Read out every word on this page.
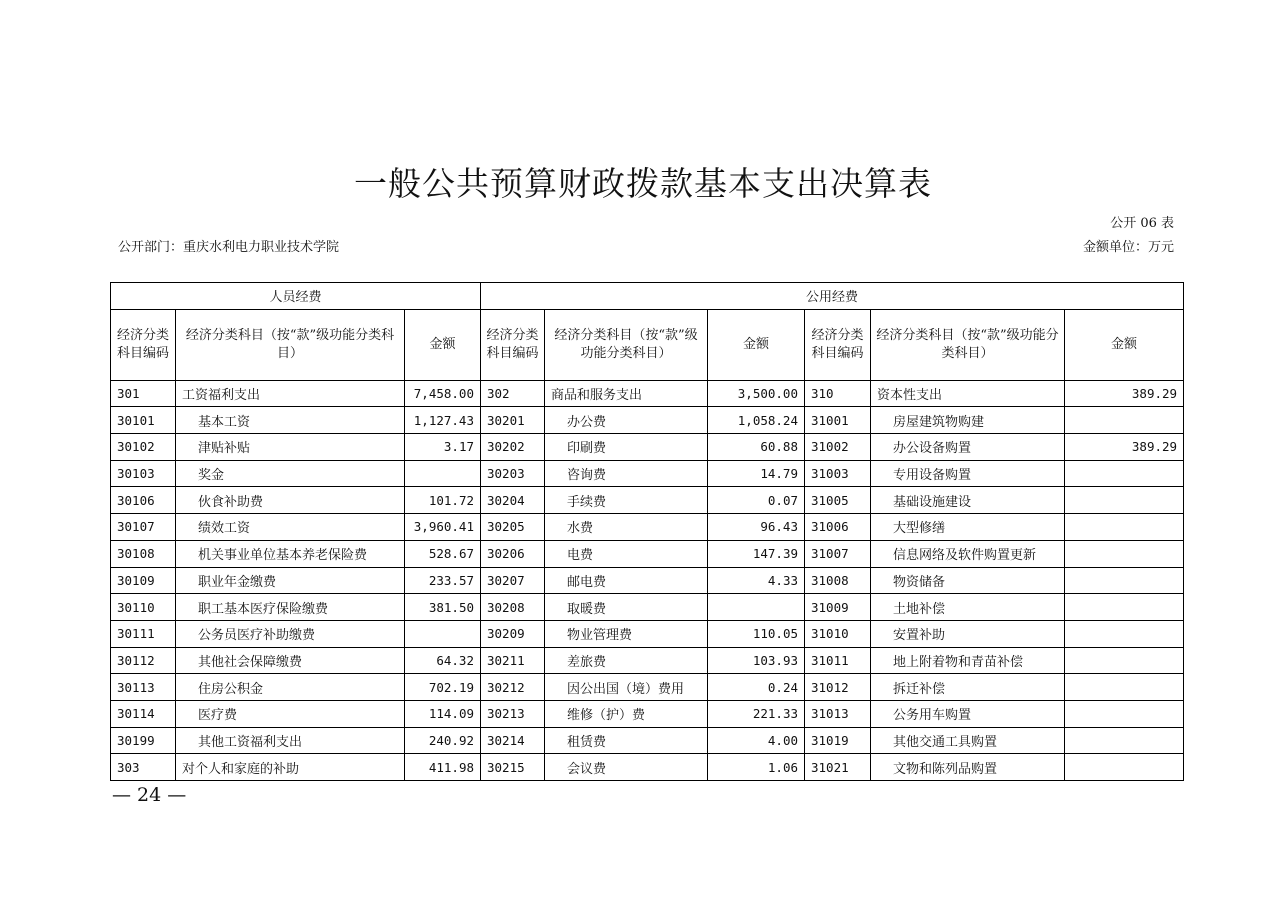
一般公共预算财政拨款基本支出决算表
公开 06 表
公开部门：重庆水利电力职业技术学院	金额单位：万元
人员经费			公用经费					
经济分类科目编码	经济分类科目（按“款”级功能分类科目）	金额	经济分类科目编码	经济分类科目（按“款”级功能分类科目）	金额	经济分类科目编码	经济分类科目（按“款”级功能分类科目）	金额
301	工资福利支出	7,458.00	302	商品和服务支出	3,500.00	310	资本性支出	389.29
30101	基本工资	1,127.43	30201	办公费	1,058.24	31001	房屋建筑物购建	
30102	津贴补贴	3.17	30202	印刷费	60.88	31002	办公设备购置	389.29
30103	奖金		30203	咨询费	14.79	31003	专用设备购置	
30106	伙食补助费	101.72	30204	手续费	0.07	31005	基础设施建设	
30107	绩效工资	3,960.41	30205	水费	96.43	31006	大型修缮	
30108	机关事业单位基本养老保险费	528.67	30206	电费	147.39	31007	信息网络及软件购置更新	
30109	职业年金缴费	233.57	30207	邮电费	4.33	31008	物资储备	
30110	职工基本医疗保险缴费	381.50	30208	取暖费		31009	土地补偿	
30111	公务员医疗补助缴费		30209	物业管理费	110.05	31010	安置补助	
30112	其他社会保障缴费	64.32	30211	差旅费	103.93	31011	地上附着物和青苗补偿	
30113	住房公积金	702.19	30212	因公出国（境）费用	0.24	31012	拆迁补偿	
30114	医疗费	114.09	30213	维修（护）费	221.33	31013	公务用车购置	
30199	其他工资福利支出	240.92	30214	租赁费	4.00	31019	其他交通工具购置	
303	对个人和家庭的补助	411.98	30215	会议费	1.06	31021	文物和陈列品购置	
— 24 —
